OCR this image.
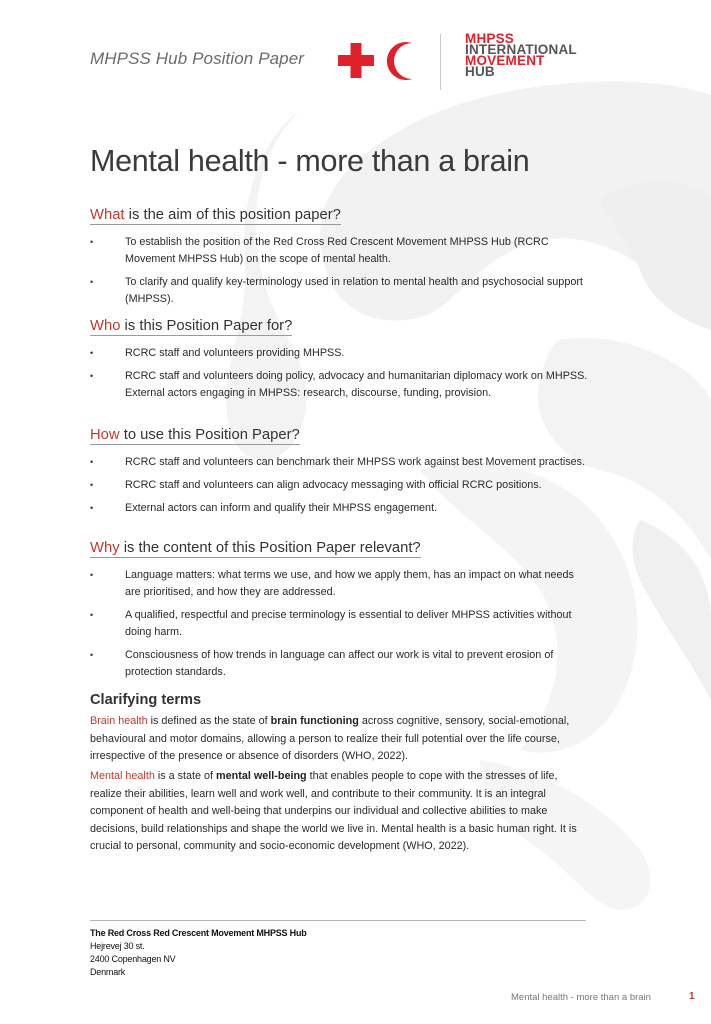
MHPSS Hub Position Paper
MHPSS
INTERNATIONAL
MOVEMENT
HUB
Mental health - more than a brain
What is the aim of this position paper?
• To establish the position of the Red Cross Red Crescent Movement MHPSS Hub (RCRC Movement MHPSS Hub) on the scope of mental health.
• To clarify and qualify key-terminology used in relation to mental health and psychosocial support (MHPSS).
Who is this Position Paper for?
• RCRC staff and volunteers providing MHPSS.
• RCRC staff and volunteers doing policy, advocacy and humanitarian diplomacy work on MHPSS.
External actors engaging in MHPSS: research, discourse, funding, provision.
How to use this Position Paper?
• RCRC staff and volunteers can benchmark their MHPSS work against best Movement practises.
• RCRC staff and volunteers can align advocacy messaging with official RCRC positions.
• External actors can inform and qualify their MHPSS engagement.
Why is the content of this Position Paper relevant?
• Language matters: what terms we use, and how we apply them, has an impact on what needs are prioritised, and how they are addressed.
• A qualified, respectful and precise terminology is essential to deliver MHPSS activities without doing harm.
• Consciousness of how trends in language can affect our work is vital to prevent erosion of protection standards.
Clarifying terms

Brain health is defined as the state of brain functioning across cognitive, sensory, social-emotional, behavioural and motor domains, allowing a person to realize their full potential over the life course, irrespective of the presence or absence of disorders (WHO, 2022).

Mental health is a state of mental well-being that enables people to cope with the stresses of life, realize their abilities, learn well and work well, and contribute to their community. It is an integral component of health and well-being that underpins our individual and collective abilities to make decisions, build relationships and shape the world we live in. Mental health is a basic human right. It is crucial to personal, community and socio-economic development (WHO, 2022).

The Red Cross Red Crescent Movement MHPSS Hub
Hejrevej 30 st.
2400 Copenhagen NV
Denmark
Mental health - more than a brain	1
